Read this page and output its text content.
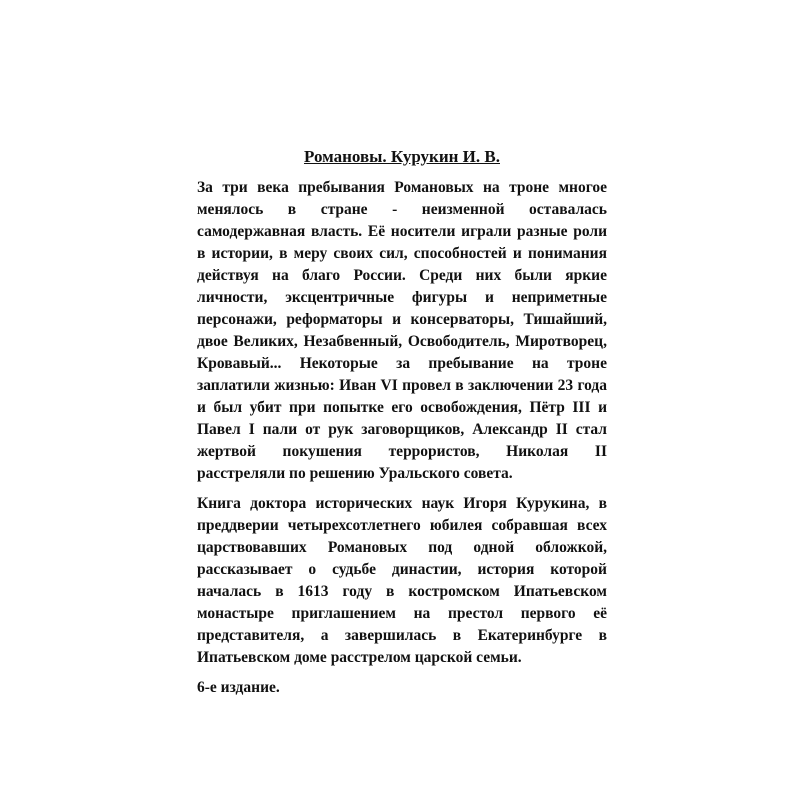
Романовы. Курукин И. В.

За три века пребывания Романовых на троне многое менялось в стране - неизменной оставалась самодержавная власть. Её носители играли разные роли в истории, в меру своих сил, способностей и понимания действуя на благо России. Среди них были яркие личности, эксцентричные фигуры и неприметные персонажи, реформаторы и консерваторы, Тишайший, двое Великих, Незабвенный, Освободитель, Миротворец, Кровавый... Некоторые за пребывание на троне заплатили жизнью: Иван VI провел в заключении 23 года и был убит при попытке его освобождения, Пётр III и Павел I пали от рук заговорщиков, Александр II стал жертвой покушения террористов, Николая II расстреляли по решению Уральского совета.

Книга доктора исторических наук Игоря Курукина, в преддверии четырехсотлетнего юбилея собравшая всех царствовавших Романовых под одной обложкой, рассказывает о судьбе династии, история которой началась в 1613 году в костромском Ипатьевском монастыре приглашением на престол первого её представителя, а завершилась в Екатеринбурге в Ипатьевском доме расстрелом царской семьи.

6-е издание.
